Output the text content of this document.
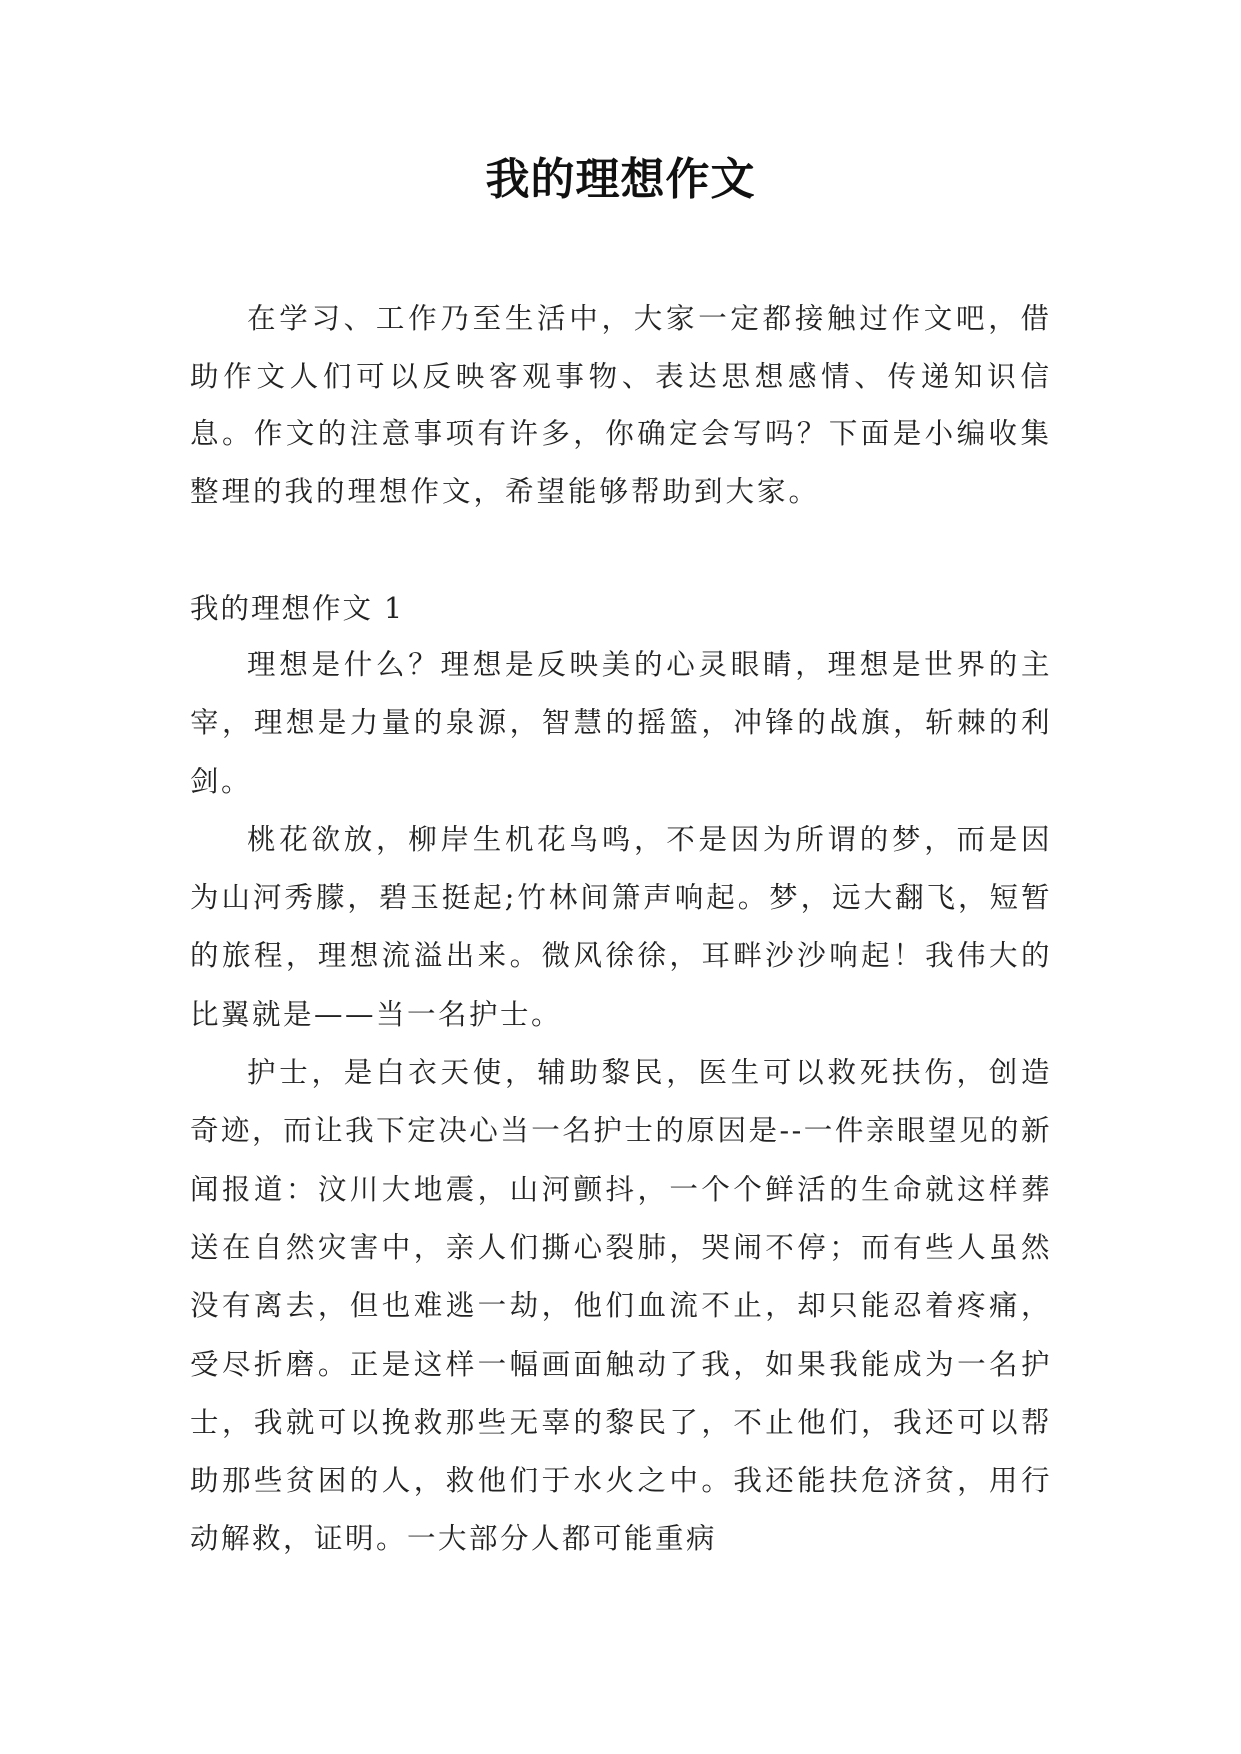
我的理想作文
在学习、工作乃至生活中，大家一定都接触过作文吧，借助作文人们可以反映客观事物、表达思想感情、传递知识信息。作文的注意事项有许多，你确定会写吗？下面是小编收集整理的我的理想作文，希望能够帮助到大家。
我的理想作文 1

理想是什么？理想是反映美的心灵眼睛，理想是世界的主宰，理想是力量的泉源，智慧的摇篮，冲锋的战旗，斩棘的利剑。

桃花欲放，柳岸生机花鸟鸣，不是因为所谓的梦，而是因为山河秀朦，碧玉挺起;竹林间箫声响起。梦，远大翻飞，短暂的旅程，理想流溢出来。微风徐徐，耳畔沙沙响起！我伟大的比翼就是——当一名护士。

护士，是白衣天使，辅助黎民，医生可以救死扶伤，创造奇迹，而让我下定决心当一名护士的原因是--一件亲眼望见的新闻报道：汶川大地震，山河颤抖，一个个鲜活的生命就这样葬送在自然灾害中，亲人们撕心裂肺，哭闹不停；而有些人虽然没有离去，但也难逃一劫，他们血流不止，却只能忍着疼痛，受尽折磨。正是这样一幅画面触动了我，如果我能成为一名护士，我就可以挽救那些无辜的黎民了，不止他们，我还可以帮助那些贫困的人，救他们于水火之中。我还能扶危济贫，用行动解救，证明。一大部分人都可能重病
